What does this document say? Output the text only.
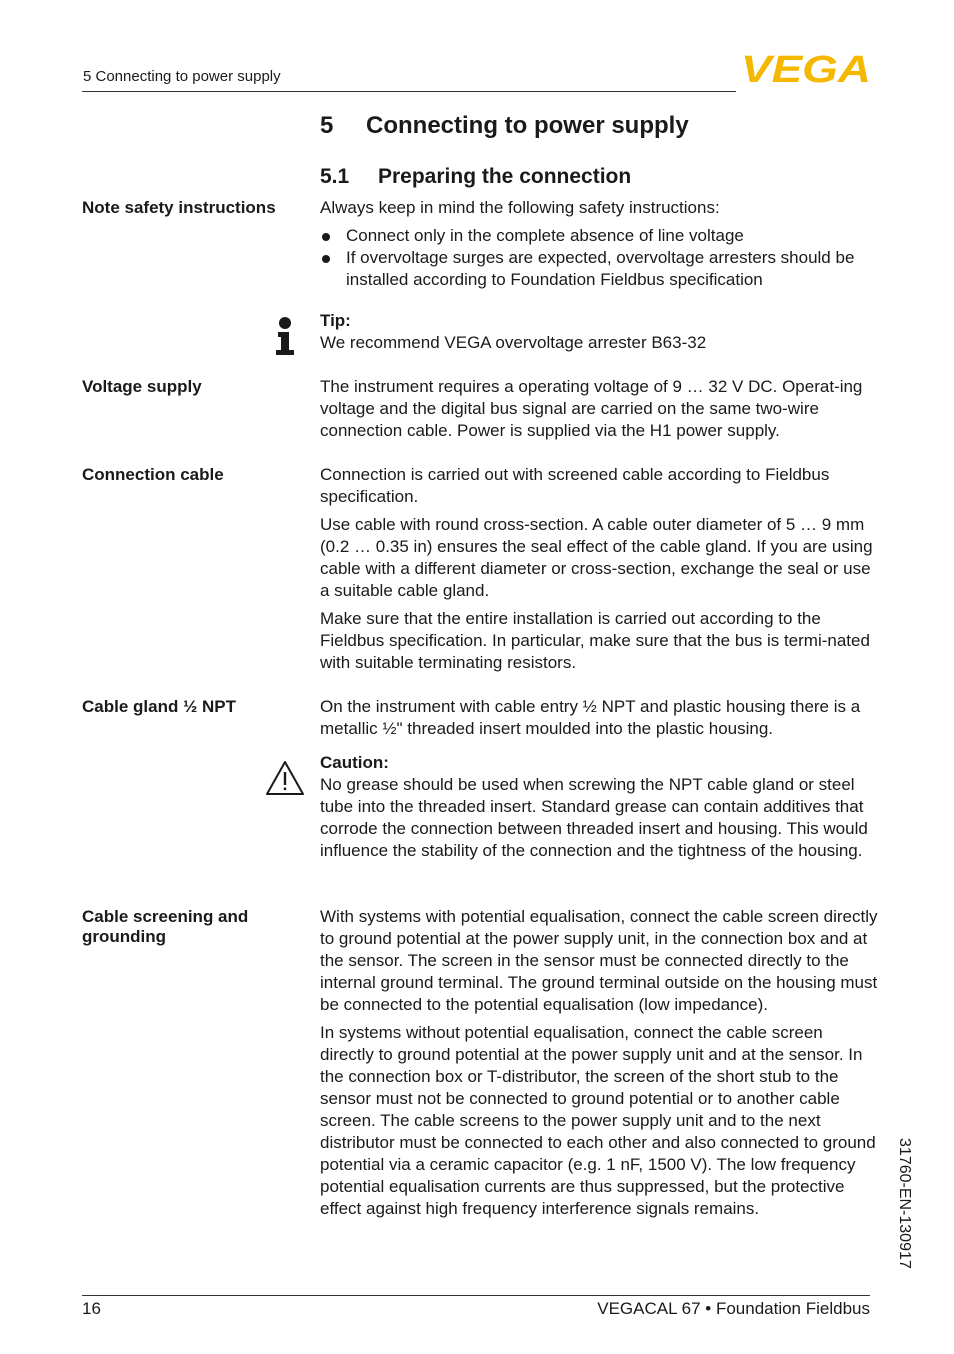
5 Connecting to power supply	VEGA
5 Connecting to power supply
5.1 Preparing the connection
Note safety instructions	Always keep in mind the following safety instructions:

Connect only in the complete absence of line voltage
If overvoltage surges are expected, overvoltage arresters should be installed according to Foundation Fieldbus specification
Tip:
We recommend VEGA overvoltage arrester B63-32
Voltage supply	The instrument requires a operating voltage of 9 … 32 V DC. Operat-ing voltage and the digital bus signal are carried on the same two-wire connection cable. Power is supplied via the H1 power supply.
Connection cable	Connection is carried out with screened cable according to Fieldbus specification.

Use cable with round cross-section. A cable outer diameter of 5 … 9 mm (0.2 … 0.35 in) ensures the seal effect of the cable gland. If you are using cable with a different diameter or cross-section, exchange the seal or use a suitable cable gland.

Make sure that the entire installation is carried out according to the Fieldbus specification. In particular, make sure that the bus is termi-nated with suitable terminating resistors.

Cable gland ½ NPT	On the instrument with cable entry ½ NPT and plastic housing there is a metallic ½" threaded insert moulded into the plastic housing.
Caution:
No grease should be used when screwing the NPT cable gland or steel tube into the threaded insert. Standard grease can contain additives that corrode the connection between threaded insert and housing. This would influence the stability of the connection and the tightness of the housing.
Cable screening and grounding

With systems with potential equalisation, connect the cable screen directly to ground potential at the power supply unit, in the connection box and at the sensor. The screen in the sensor must be connected directly to the internal ground terminal. The ground terminal outside on the housing must be connected to the potential equalisation (low impedance).

In systems without potential equalisation, connect the cable screen directly to ground potential at the power supply unit and at the sensor. In the connection box or T-distributor, the screen of the short stub to the sensor must not be connected to ground potential or to another cable screen. The cable screens to the power supply unit and to the next distributor must be connected to each other and also connected to ground potential via a ceramic capacitor (e.g. 1 nF, 1500 V). The low frequency potential equalisation currents are thus suppressed, but the protective effect against high frequency interference signals remains.

16	VEGACAL 67 • Foundation Fieldbus
31760-EN-130917
